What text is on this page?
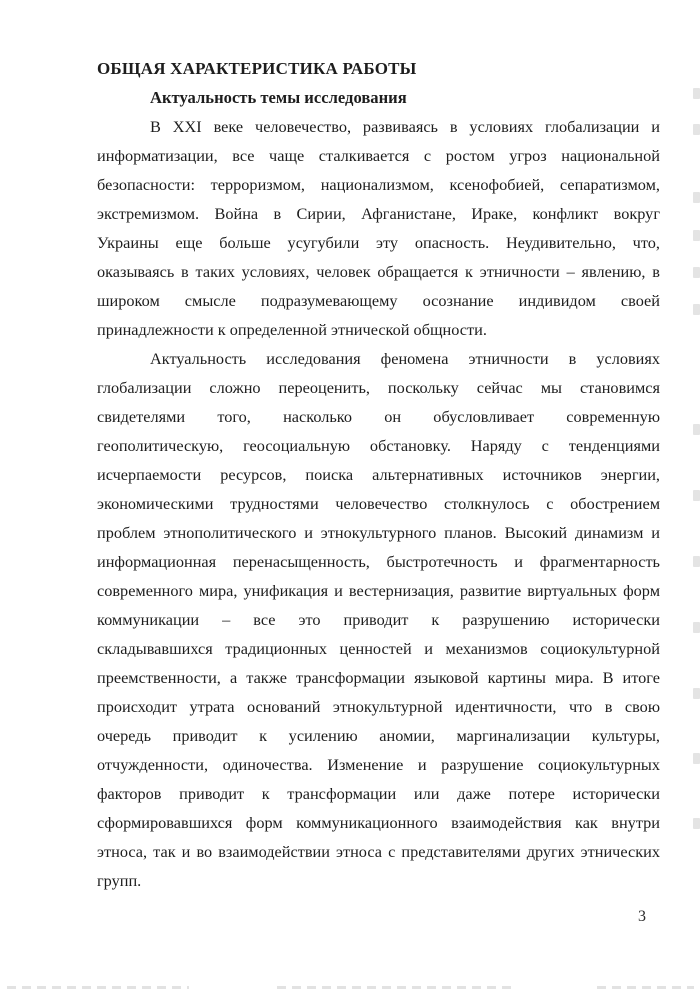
ОБЩАЯ ХАРАКТЕРИСТИКА РАБОТЫ
Актуальность темы исследования
В XXI веке человечество, развиваясь в условиях глобализации и
информатизации, все чаще сталкивается с ростом угроз национальной
безопасности: терроризмом, национализмом, ксенофобией, сепаратизмом,
экстремизмом. Война в Сирии, Афганистане, Ираке, конфликт вокруг
Украины еще больше усугубили эту опасность. Неудивительно, что,
оказываясь в таких условиях, человек обращается к этничности – явлению, в
широком смысле подразумевающему осознание индивидом своей
принадлежности к определенной этнической общности.
Актуальность исследования феномена этничности в условиях
глобализации сложно переоценить, поскольку сейчас мы становимся
свидетелями того, насколько он обусловливает современную
геополитическую, геосоциальную обстановку. Наряду с тенденциями
исчерпаемости ресурсов, поиска альтернативных источников энергии,
экономическими трудностями человечество столкнулось с обострением
проблем этнополитического и этнокультурного планов. Высокий динамизм и
информационная перенасыщенность, быстротечность и фрагментарность
современного мира, унификация и вестернизация, развитие виртуальных форм
коммуникации – все это приводит к разрушению исторически
складывавшихся традиционных ценностей и механизмов социокультурной
преемственности, а также трансформации языковой картины мира. В итоге
происходит утрата оснований этнокультурной идентичности, что в свою
очередь приводит к усилению аномии, маргинализации культуры,
отчужденности, одиночества. Изменение и разрушение социокультурных
факторов приводит к трансформации или даже потере исторически
сформировавшихся форм коммуникационного взаимодействия как внутри
этноса, так и во взаимодействии этноса с представителями других этнических
групп.
3
